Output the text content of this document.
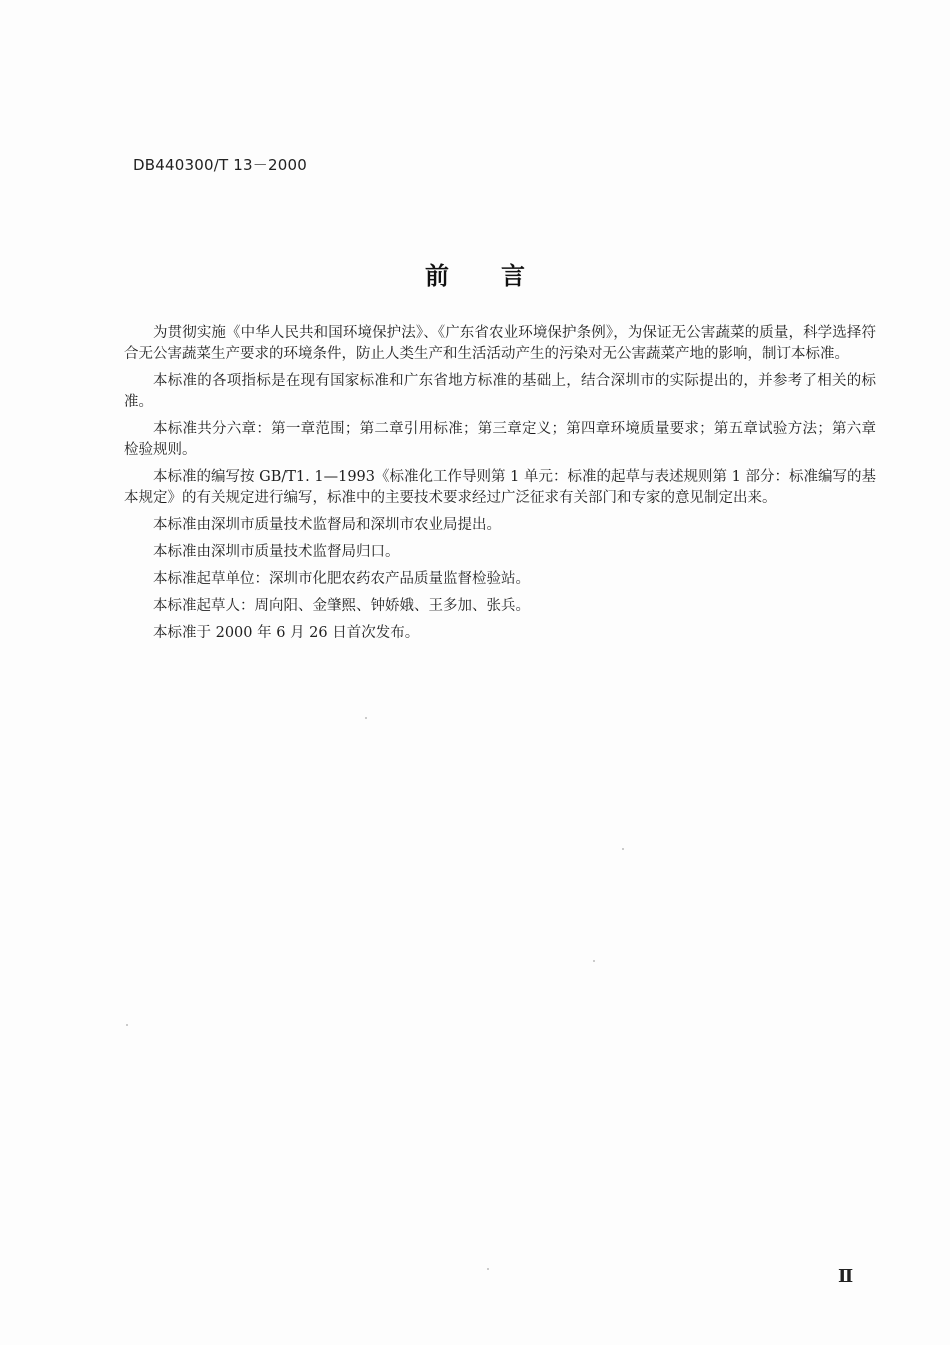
DB440300/T 13－2000
前言

为贯彻实施《中华人民共和国环境保护法》、《广东省农业环境保护条例》，为保证无公害蔬菜的质量，科学选择符合无公害蔬菜生产要求的环境条件，防止人类生产和生活活动产生的污染对无公害蔬菜产地的影响，制订本标准。

本标准的各项指标是在现有国家标准和广东省地方标准的基础上，结合深圳市的实际提出的，并参考了相关的标准。

本标准共分六章：第一章范围；第二章引用标准；第三章定义；第四章环境质量要求；第五章试验方法；第六章检验规则。

本标准的编写按 GB/T1. 1—1993《标准化工作导则第 1 单元：标准的起草与表述规则第 1 部分：标准编写的基本规定》的有关规定进行编写，标准中的主要技术要求经过广泛征求有关部门和专家的意见制定出来。

本标准由深圳市质量技术监督局和深圳市农业局提出。

本标准由深圳市质量技术监督局归口。

本标准起草单位：深圳市化肥农药农产品质量监督检验站。

本标准起草人：周向阳、金肇熙、钟娇娥、王多加、张兵。

本标准于 2000 年 6 月 26 日首次发布。

Ⅱ
